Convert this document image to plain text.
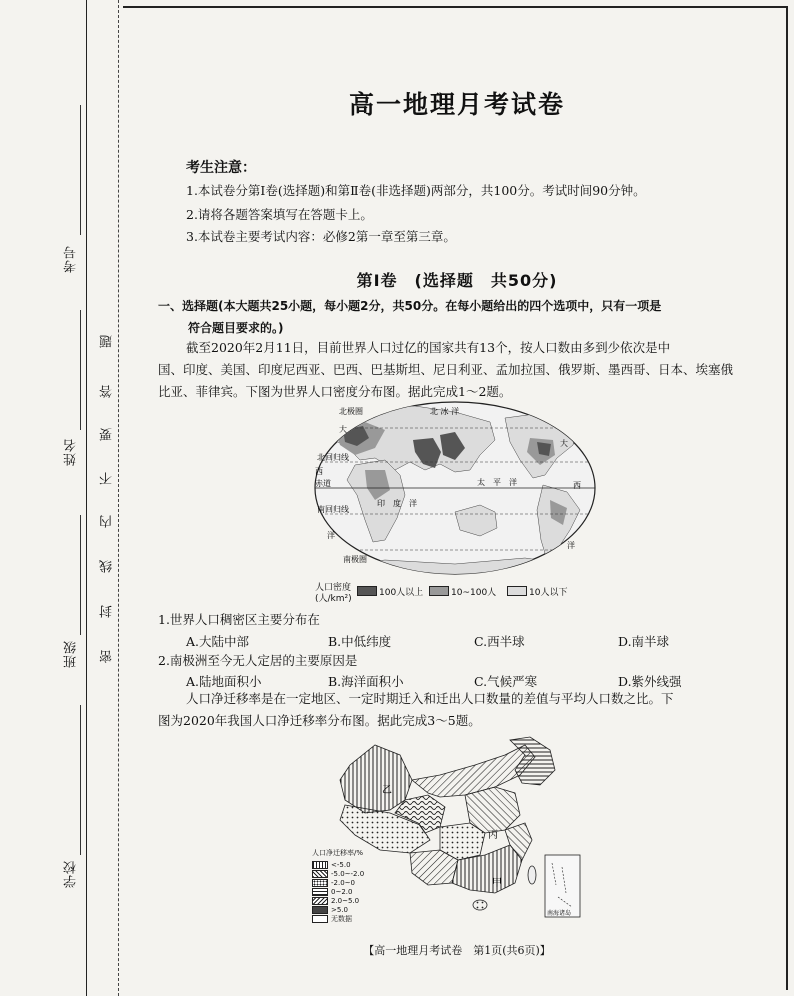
考号
姓名
班级
学校
题
答
要
不
内
线
封
密
高一地理月考试卷
考生注意：
1.本试卷分第Ⅰ卷(选择题)和第Ⅱ卷(非选择题)两部分，共100分。考试时间90分钟。
2.请将各题答案填写在答题卡上。
3.本试卷主要考试内容：必修2第一章至第三章。
第Ⅰ卷　(选择题　共50分)
一、选择题(本大题共25小题，每小题2分，共50分。在每小题给出的四个选项中，只有一项是
符合题目要求的。)
截至2020年2月11日，目前世界人口过亿的国家共有13个，按人口数由多到少依次是中
国、印度、美国、印度尼西亚、巴西、巴基斯坦、尼日利亚、孟加拉国、俄罗斯、墨西哥、日本、埃塞俄
比亚、菲律宾。下图为世界人口密度分布图。据此完成1～2题。
北极圈	北 冰 洋
北回归线
赤道
南回归线
南极圈
太　平　洋
印　度　洋
大
大
西
西
洋
洋
人口密度
(人/km²)
100人以上	10~100人	10人以下
1.世界人口稠密区主要分布在
A.大陆中部	B.中低纬度	C.西半球	D.南半球
2.南极洲至今无人定居的主要原因是
A.陆地面积小	B.海洋面积小	C.气候严寒	D.紫外线强
人口净迁移率是在一定地区、一定时期迁入和迁出人口数量的差值与平均人口数之比。下
图为2020年我国人口净迁移率分布图。据此完成3～5题。
南海诸岛
乙
丙
甲
人口净迁移率/%
<-5.0
-5.0~-2.0
-2.0~0
0~2.0
2.0~5.0
>5.0
无数据
【高一地理月考试卷　第1页(共6页)】
